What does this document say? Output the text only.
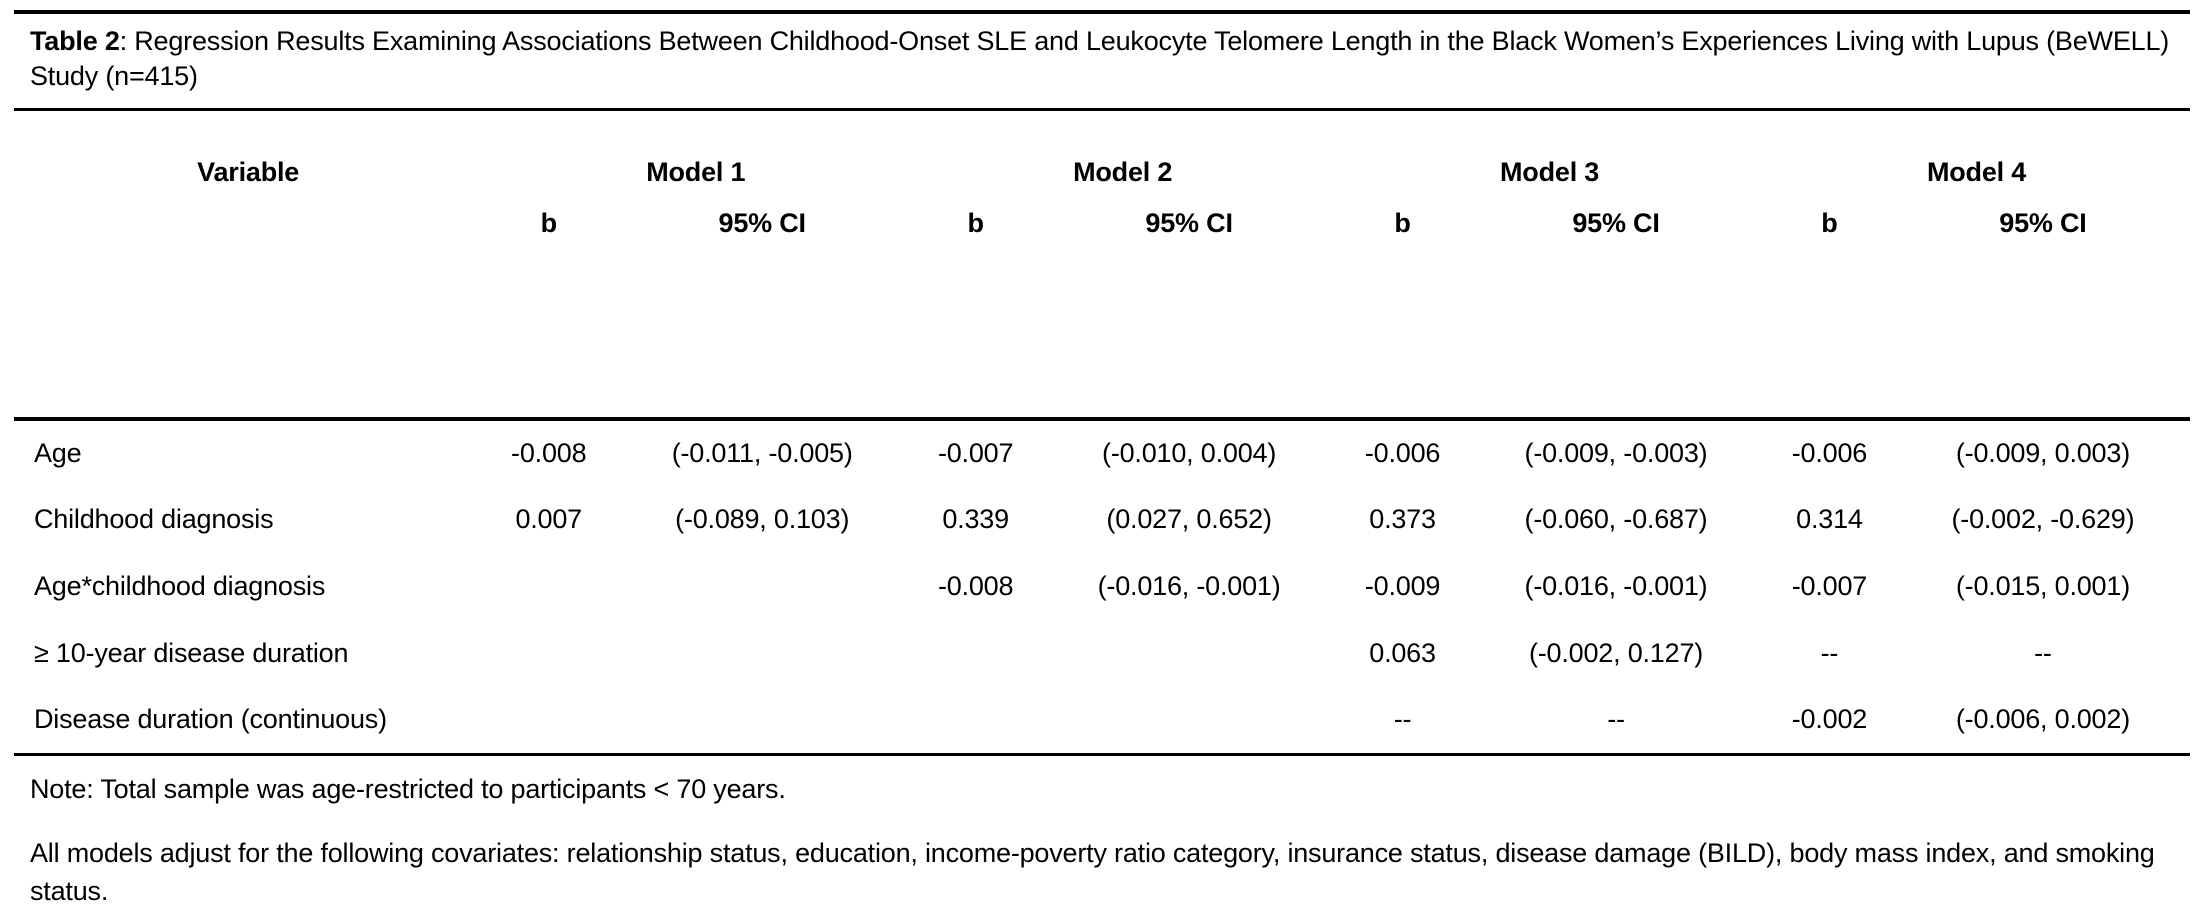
Table 2: Regression Results Examining Associations Between Childhood-Onset SLE and Leukocyte Telomere Length in the Black Women’s Experiences Living with Lupus (BeWELL) Study (n=415)

Variable	Model 1		Model 2		Model 3		Model 4	
	b	95% CI	b	95% CI	b	95% CI	b	95% CI
Age	-0.008	(-0.011, -0.005)	-0.007	(-0.010, 0.004)	-0.006	(-0.009, -0.003)	-0.006	(-0.009, 0.003)
Childhood diagnosis	0.007	(-0.089, 0.103)	0.339	(0.027, 0.652)	0.373	(-0.060, -0.687)	0.314	(-0.002, -0.629)
Age*childhood diagnosis			-0.008	(-0.016, -0.001)	-0.009	(-0.016, -0.001)	-0.007	(-0.015, 0.001)
≥ 10-year disease duration					0.063	(-0.002, 0.127)	--	--
Disease duration (continuous)					--	--	-0.002	(-0.006, 0.002)

Note: Total sample was age-restricted to participants < 70 years.

All models adjust for the following covariates: relationship status, education, income-poverty ratio category, insurance status, disease damage (BILD), body mass index, and smoking status.
